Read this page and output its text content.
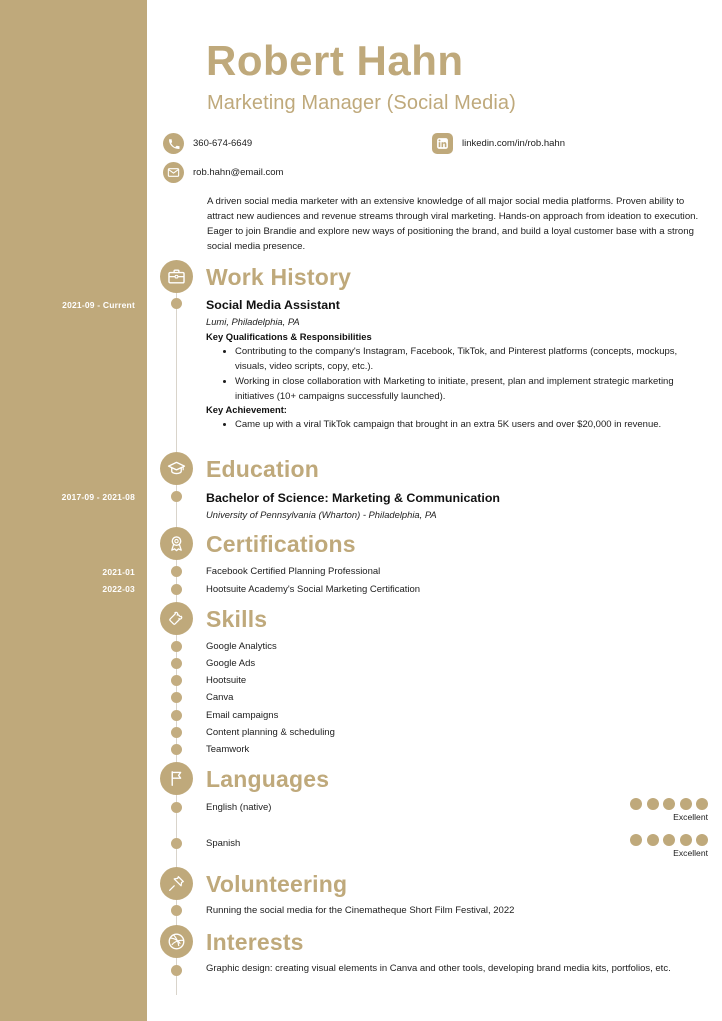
2021-09 - Current
2017-09 - 2021-08
2021-01
2022-03
Robert Hahn
Marketing Manager (Social Media)
360-674-6649
rob.hahn@email.com
linkedin.com/in/rob.hahn
A driven social media marketer with an extensive knowledge of all major social media platforms. Proven ability to attract new audiences and revenue streams through viral marketing. Hands-on approach from ideation to execution. Eager to join Brandie and explore new ways of positioning the brand, and build a loyal customer base with a strong social media presence.
Work History
Social Media Assistant
Lumi, Philadelphia, PA
Key Qualifications & Responsibilities
• Contributing to the company's Instagram, Facebook, TikTok, and Pinterest platforms (concepts, mockups, visuals, video scripts, copy, etc.).
• Working in close collaboration with Marketing to initiate, present, plan and implement strategic marketing initiatives (10+ campaigns successfully launched).
Key Achievement:
• Came up with a viral TikTok campaign that brought in an extra 5K users and over $20,000 in revenue.
Education
Bachelor of Science: Marketing & Communication
University of Pennsylvania (Wharton) - Philadelphia, PA
Certifications
Facebook Certified Planning Professional
Hootsuite Academy's Social Marketing Certification
Skills
Google Analytics
Google Ads
Hootsuite
Canva
Email campaigns
Content planning & scheduling
Teamwork
Languages
English (native)
Excellent
Spanish
Excellent
Volunteering
Running the social media for the Cinematheque Short Film Festival, 2022
Interests
Graphic design: creating visual elements in Canva and other tools, developing brand media kits, portfolios, etc.
